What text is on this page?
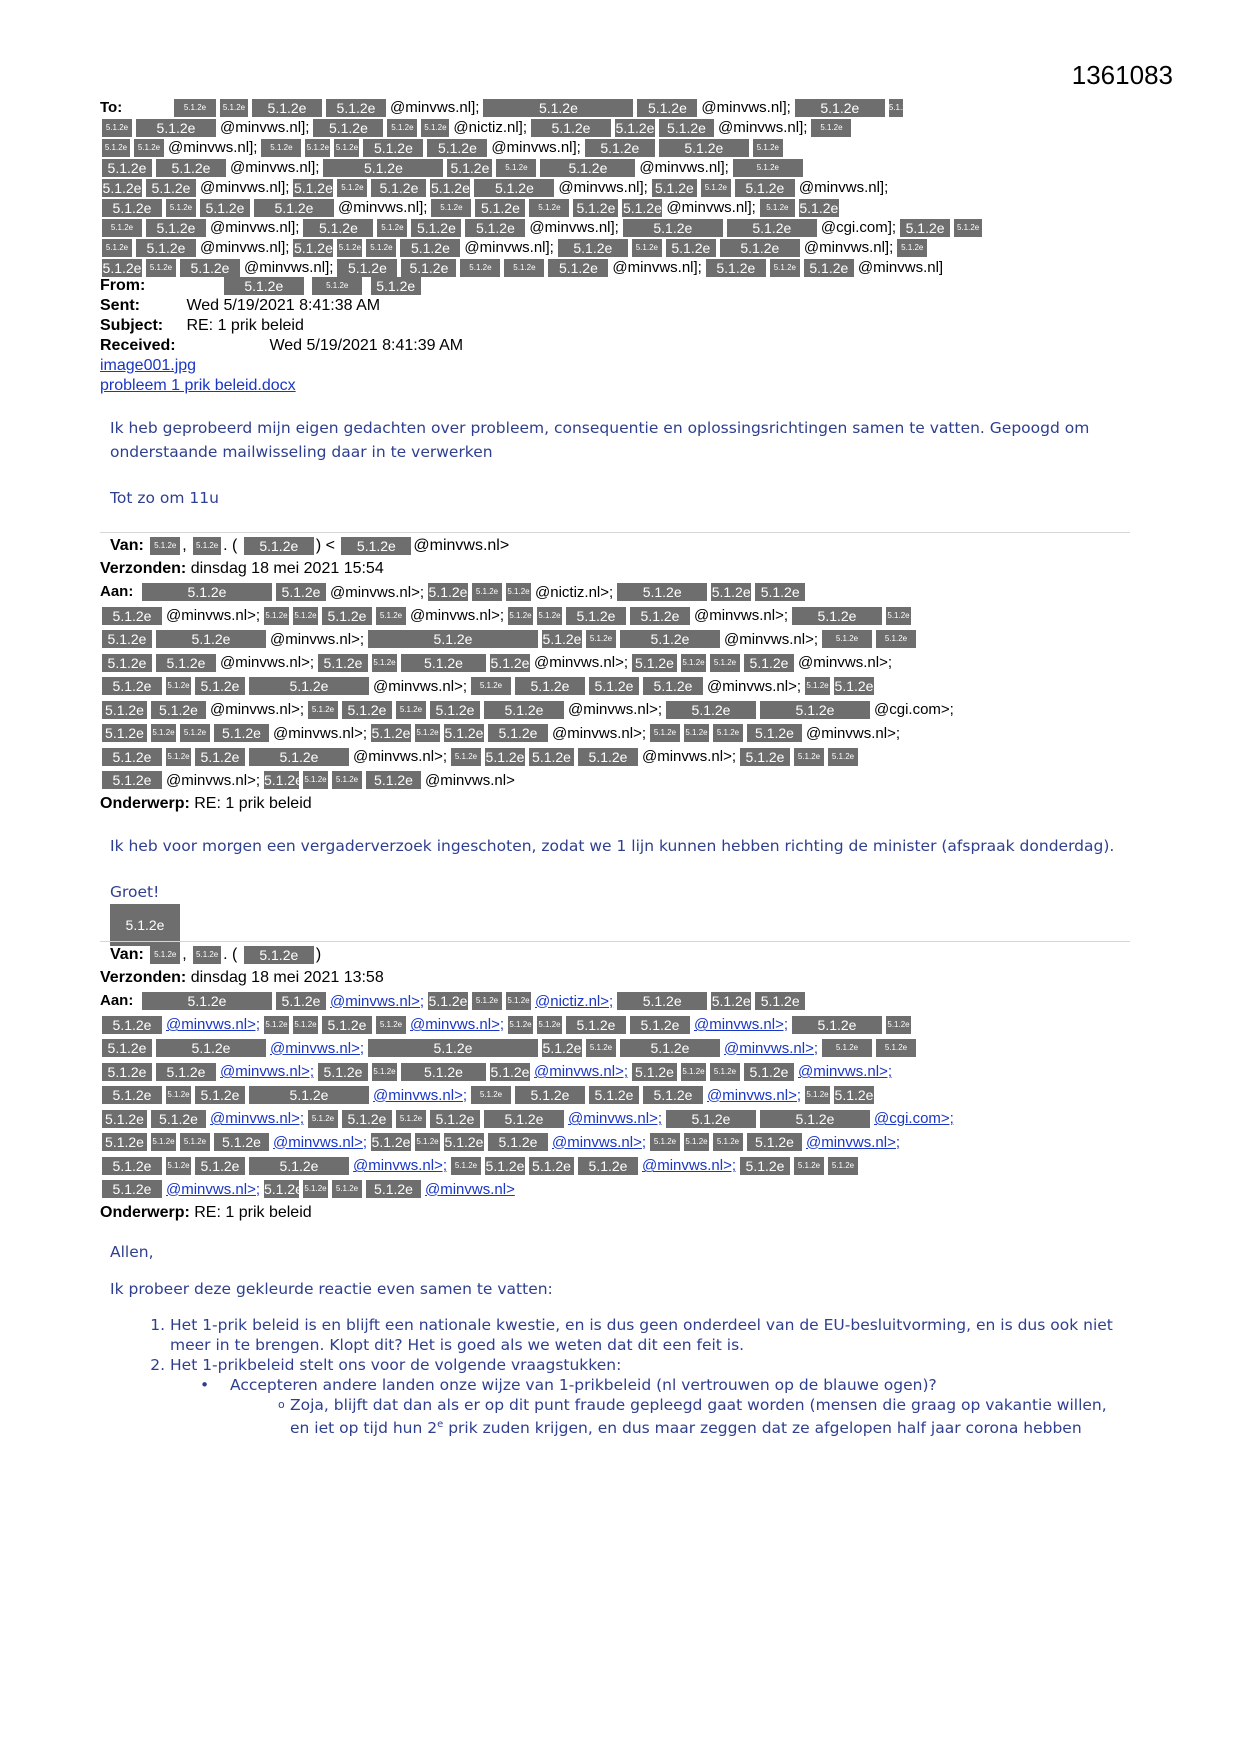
1361083
To:	5.1.2e 5.1.2e 5.1.2e 5.1.2e @minvws.nl];	5.1.2e	5.1.2e @minvws.nl]; 5.1.2e	5.1.2e
5.1.2e 5.1.2e @minvws.nl]; 5.1.2e	5.1.2e 5.1.2e @nictiz.nl]; 5.1.2e 5.1.2e 5.1.2e @minvws.nl]; 5.1.2e
5.1.2e 5.1.2e @minvws.nl]; 5.1.2e 5.1.2e 5.1.2e 5.1.2e 5.1.2e @minvws.nl]; 5.1.2e	5.1.2e	5.1.2e
5.1.2e 5.1.2e @minvws.nl];	5.1.2e	5.1.2e 5.1.2e	5.1.2e @minvws.nl];	5.1.2e
5.1.2e 5.1.2e @minvws.nl]; 5.1.2e 5.1.2e 5.1.2e 5.1.2e 5.1.2e @minvws.nl]; 5.1.2e 5.1.2e 5.1.2e @minvws.nl];
5.1.2e 5.1.2e 5.1.2e 5.1.2e @minvws.nl]; 5.1.2e 5.1.2e 5.1.2e 5.1.2e 5.1.2e @minvws.nl]; 5.1.2e 5.1.2e
5.1.2e 5.1.2e @minvws.nl]; 5.1.2e	5.1.2e 5.1.2e 5.1.2e @minvws.nl]; 5.1.2e	5.1.2e @cgi.com]; 5.1.2e 5.1.2e
5.1.2e 5.1.2e @minvws.nl]; 5.1.2e 5.1.2e 5.1.2e 5.1.2e @minvws.nl]; 5.1.2e	5.1.2e 5.1.2e 5.1.2e @minvws.nl]; 5.1.2e
5.1.2e 5.1.2e 5.1.2e @minvws.nl]; 5.1.2e 5.1.2e	5.1.2e	5.1.2e 5.1.2e @minvws.nl]; 5.1.2e 5.1.2e 5.1.2e @minvws.nl]
From:	5.1.2e	5.1.2e 5.1.2e
Sent:	Wed 5/19/2021 8:41:38 AM
Subject: RE: 1 prik beleid
Received:	Wed 5/19/2021 8:41:39 AM
image001.jpg
probleem 1 prik beleid.docx
Ik heb geprobeerd mijn eigen gedachten over probleem, consequentie en oplossingsrichtingen samen te vatten. Gepoogd om onderstaande mailwisseling daar in te verwerken
Tot zo om 11u
Van: 5.1.2e , 5.1.2e . ( 5.1.2e ) < 5.1.2e @minvws.nl>
Verzonden: dinsdag 18 mei 2021 15:54
Aan:	5.1.2e	5.1.2e @minvws.nl>; 5.1.2e 5.1.2e 5.1.2e @nictiz.nl>; 5.1.2e 5.1.2e 5.1.2e
5.1.2e @minvws.nl>; 5.1.2e 5.1.2e 5.1.2e 5.1.2e @minvws.nl>; 5.1.2e 5.1.2e 5.1.2e 5.1.2e @minvws.nl>; 5.1.2e	5.1.2e
5.1.2e	5.1.2e	@minvws.nl>;	5.1.2e	5.1.2e 5.1.2e	5.1.2e @minvws.nl>; 5.1.2e	5.1.2e
5.1.2e 5.1.2e @minvws.nl>; 5.1.2e 5.1.2e 5.1.2e 5.1.2e @minvws.nl>; 5.1.2e 5.1.2e 5.1.2e 5.1.2e @minvws.nl>;
5.1.2e 5.1.2e 5.1.2e	5.1.2e	@minvws.nl>; 5.1.2e 5.1.2e 5.1.2e 5.1.2e @minvws.nl>; 5.1.2e 5.1.2e
5.1.2e 5.1.2e @minvws.nl>; 5.1.2e 5.1.2e 5.1.2e 5.1.2e 5.1.2e @minvws.nl>; 5.1.2e	5.1.2e	@cgi.com>;
5.1.2e 5.1.2e 5.1.2e 5.1.2e @minvws.nl>; 5.1.2e 5.1.2e 5.1.2e 5.1.2e @minvws.nl>; 5.1.2e 5.1.2e 5.1.2e 5.1.2e @minvws.nl>;
5.1.2e 5.1.2e 5.1.2e	5.1.2e @minvws.nl>; 5.1.2e 5.1.2e 5.1.2e 5.1.2e @minvws.nl>; 5.1.2e 5.1.2e 5.1.2e
5.1.2e @minvws.nl>; 5.1.2e5.1.2e 5.1.2e 5.1.2e @minvws.nl>
Onderwerp: RE: 1 prik beleid
Ik heb voor morgen een vergaderverzoek ingeschoten, zodat we 1 lijn kunnen hebben richting de minister (afspraak donderdag).
Groet!
5.1.2e
Van: 5.1.2e , 5.1.2e . ( 5.1.2e )
Verzonden: dinsdag 18 mei 2021 13:58
Aan:	5.1.2e	5.1.2e @minvws.nl>; 5.1.2e 5.1.2e 5.1.2e @nictiz.nl>; 5.1.2e 5.1.2e 5.1.2e
5.1.2e @minvws.nl>; 5.1.2e 5.1.2e 5.1.2e 5.1.2e @minvws.nl>; 5.1.2e 5.1.2e 5.1.2e 5.1.2e @minvws.nl>; 5.1.2e	5.1.2e
5.1.2e	5.1.2e	@minvws.nl>;	5.1.2e	5.1.2e 5.1.2e	5.1.2e @minvws.nl>; 5.1.2e	5.1.2e
5.1.2e 5.1.2e @minvws.nl>; 5.1.2e 5.1.2e 5.1.2e 5.1.2e @minvws.nl>; 5.1.2e 5.1.2e 5.1.2e 5.1.2e @minvws.nl>;
5.1.2e 5.1.2e 5.1.2e	5.1.2e	@minvws.nl>; 5.1.2e 5.1.2e 5.1.2e 5.1.2e @minvws.nl>; 5.1.2e 5.1.2e
5.1.2e 5.1.2e @minvws.nl>; 5.1.2e 5.1.2e 5.1.2e 5.1.2e 5.1.2e @minvws.nl>; 5.1.2e	5.1.2e	@cgi.com>;
5.1.2e 5.1.2e 5.1.2e 5.1.2e @minvws.nl>; 5.1.2e 5.1.2e 5.1.2e 5.1.2e @minvws.nl>; 5.1.2e 5.1.2e 5.1.2e 5.1.2e @minvws.nl>;
5.1.2e 5.1.2e 5.1.2e	5.1.2e @minvws.nl>; 5.1.2e 5.1.2e 5.1.2e 5.1.2e @minvws.nl>; 5.1.2e 5.1.2e 5.1.2e
5.1.2e @minvws.nl>; 5.1.2e5.1.2e 5.1.2e 5.1.2e @minvws.nl>
Onderwerp: RE: 1 prik beleid
Allen,
Ik probeer deze gekleurde reactie even samen te vatten:
1. Het 1-prik beleid is en blijft een nationale kwestie, en is dus geen onderdeel van de EU-besluitvorming, en is dus ook niet meer in te brengen. Klopt dit? Het is goed als we weten dat dit een feit is.
2. Het 1-prikbeleid stelt ons voor de volgende vraagstukken:
• Accepteren andere landen onze wijze van 1-prikbeleid (nl vertrouwen op de blauwe ogen)?
o Zoja, blijft dat dan als er op dit punt fraude gepleegd gaat worden (mensen die graag op vakantie willen, en iet op tijd hun 2e prik zuden krijgen, en dus maar zeggen dat ze afgelopen half jaar corona hebben
